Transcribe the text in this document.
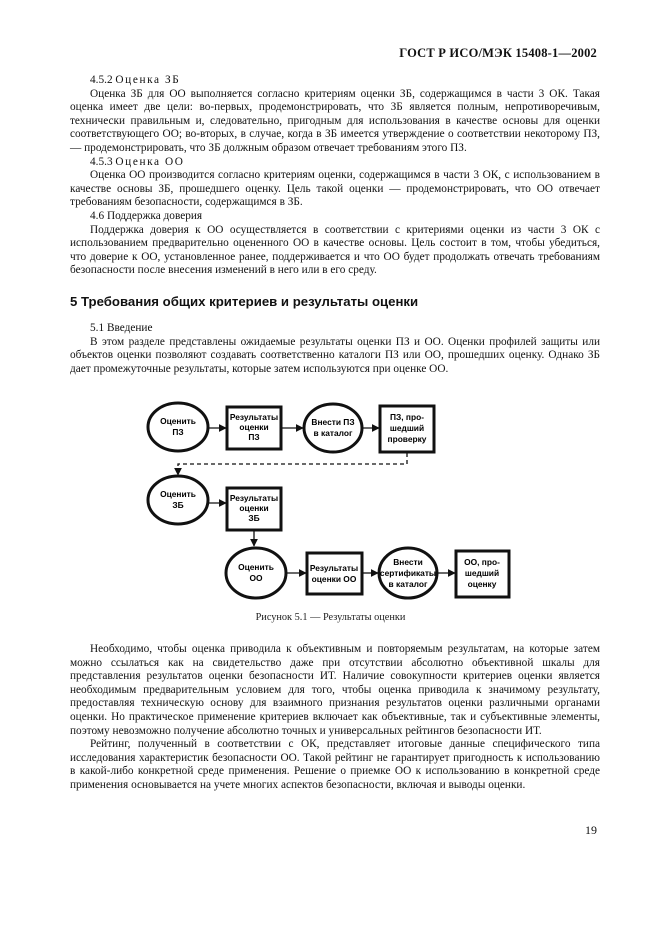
ГОСТ Р ИСО/МЭК 15408-1—2002

4.5.2 Оценка ЗБ

Оценка ЗБ для ОО выполняется согласно критериям оценки ЗБ, содержащимся в части 3 ОК. Такая оценка имеет две цели: во-первых, продемонстрировать, что ЗБ является полным, непротиворечивым, технически правильным и, следовательно, пригодным для использования в качестве основы для оценки соответствующего ОО; во-вторых, в случае, когда в ЗБ имеется утверждение о соответствии некоторому ПЗ, — продемонстрировать, что ЗБ должным образом отвечает требованиям этого ПЗ.

4.5.3 Оценка ОО

Оценка ОО производится согласно критериям оценки, содержащимся в части 3 ОК, с использованием в качестве основы ЗБ, прошедшего оценку. Цель такой оценки — продемонстрировать, что ОО отвечает требованиям безопасности, содержащимся в ЗБ.

4.6 Поддержка доверия

Поддержка доверия к ОО осуществляется в соответствии с критериями оценки из части 3 ОК с использованием предварительно оцененного ОО в качестве основы. Цель состоит в том, чтобы убедиться, что доверие к ОО, установленное ранее, поддерживается и что ОО будет продолжать отвечать требованиям безопасности после внесения изменений в него или в его среду.

5 Требования общих критериев и результаты оценки

5.1 Введение

В этом разделе представлены ожидаемые результаты оценки ПЗ и ОО. Оценки профилей защиты или объектов оценки позволяют создавать соответственно каталоги ПЗ или ОО, прошедших оценку. Однако ЗБ дает промежуточные результаты, которые затем используются при оценке ОО.

Оценить ПЗ
Результаты оценки ПЗ
Внести ПЗ в каталог
ПЗ, про-шедший проверку
Оценить ЗБ
Результаты оценки ЗБ
Оценить ОО
Результаты оценки ОО
Внести сертификаты в каталог
ОО, про-шедший оценку
Рисунок 5.1 — Результаты оценки

Необходимо, чтобы оценка приводила к объективным и повторяемым результатам, на которые затем можно ссылаться как на свидетельство даже при отсутствии абсолютно объективной шкалы для представления результатов оценки безопасности ИТ. Наличие совокупности критериев оценки является необходимым предварительным условием для того, чтобы оценка приводила к значимому результату, предоставляя техническую основу для взаимного признания результатов оценки различными органами оценки. Но практическое применение критериев включает как объективные, так и субъективные элементы, поэтому невозможно получение абсолютно точных и универсальных рейтингов безопасности ИТ.

Рейтинг, полученный в соответствии с ОК, представляет итоговые данные специфического типа исследования характеристик безопасности ОО. Такой рейтинг не гарантирует пригодность к использованию в какой-либо конкретной среде применения. Решение о приемке ОО к использованию в конкретной среде применения основывается на учете многих аспектов безопасности, включая и выводы оценки.

19
